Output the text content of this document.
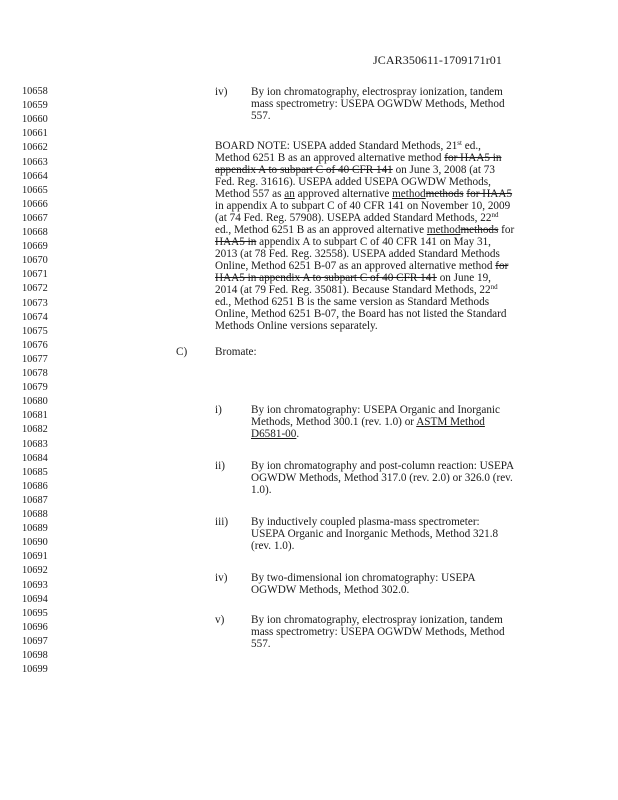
JCAR350611-1709171r01
10658
10659
10660
10661
10662
10663
10664
10665
10666
10667
10668
10669
10670
10671
10672
10673
10674
10675
10676
10677
10678
10679
10680
10681
10682
10683
10684
10685
10686
10687
10688
10689
10690
10691
10692
10693
10694
10695
10696
10697
10698
10699
iv) By ion chromatography, electrospray ionization, tandem
mass spectrometry: USEPA OGWDW Methods, Method
557.
BOARD NOTE: USEPA added Standard Methods, 21st ed.,
Method 6251 B as an approved alternative method for HAA5 in
appendix A to subpart C of 40 CFR 141 on June 3, 2008 (at 73
Fed. Reg. 31616). USEPA added USEPA OGWDW Methods,
Method 557 as an approved alternative methodmethods for HAA5
in appendix A to subpart C of 40 CFR 141 on November 10, 2009
(at 74 Fed. Reg. 57908). USEPA added Standard Methods, 22nd
ed., Method 6251 B as an approved alternative methodmethods for
HAA5 in appendix A to subpart C of 40 CFR 141 on May 31,
2013 (at 78 Fed. Reg. 32558). USEPA added Standard Methods
Online, Method 6251 B-07 as an approved alternative method for
HAA5 in appendix A to subpart C of 40 CFR 141 on June 19,
2014 (at 79 Fed. Reg. 35081). Because Standard Methods, 22nd
ed., Method 6251 B is the same version as Standard Methods
Online, Method 6251 B-07, the Board has not listed the Standard
Methods Online versions separately.
C) Bromate:
i)	By ion chromatography: USEPA Organic and Inorganic
Methods, Method 300.1 (rev. 1.0) or ASTM Method
D6581-00.
ii) By ion chromatography and post-column reaction: USEPA
OGWDW Methods, Method 317.0 (rev. 2.0) or 326.0 (rev.
1.0).
iii) By inductively coupled plasma-mass spectrometer:
USEPA Organic and Inorganic Methods, Method 321.8
(rev. 1.0).
iv) By two-dimensional ion chromatography: USEPA
OGWDW Methods, Method 302.0.
v) By ion chromatography, electrospray ionization, tandem
mass spectrometry: USEPA OGWDW Methods, Method
557.
